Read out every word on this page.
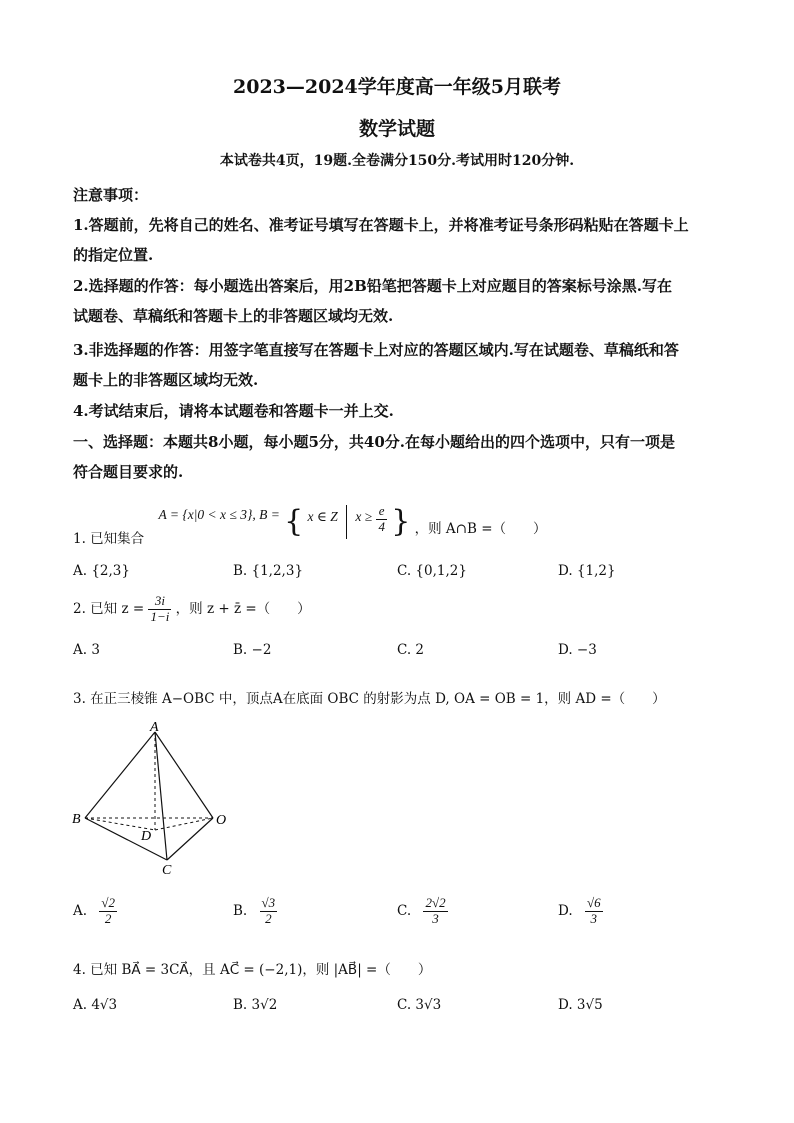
2023—2024学年度高一年级5月联考
数学试题
本试卷共4页，19题.全卷满分150分.考试用时120分钟.
注意事项：
1.答题前，先将自己的姓名、准考证号填写在答题卡上，并将准考证号条形码粘贴在答题卡上
的指定位置.
2.选择题的作答：每小题选出答案后，用2B铅笔把答题卡上对应题目的答案标号涂黑.写在
试题卷、草稿纸和答题卡上的非答题区域均无效.
3.非选择题的作答：用签字笔直接写在答题卡上对应的答题区域内.写在试题卷、草稿纸和答
题卡上的非答题区域均无效.
4.考试结束后，请将本试题卷和答题卡一并上交.
一、选择题：本题共8小题，每小题5分，共40分.在每小题给出的四个选项中，只有一项是
符合题目要求的.
1. 已知集合 A = {x|0 < x ≤ 3}, B = { x ∈ Z $x \ge \frac{e}{4}$ } ，则 A∩B =（　　）
A. {2,3}	B. {1,2,3}	C. {0,1,2}	D. {1,2}
2. 已知 $z = \frac{3i}{1-i}$ ，则 z + z̄ =（　　）
A. 3	B. −2	C. 2	D. −3
3. 在正三棱锥 A−OBC 中，顶点A在底面 OBC 的射影为点 D, OA = OB = 1，则 AD =（　　）
A
B	O
D
C
A. $\frac{√2}{2}$	B. $\frac{√3}{2}$	C. $\frac{2√2}{3}$	D. $\frac{√6}{3}$
4. 已知 BA⃗ = 3CA⃗，且 AC⃗ = (−2,1)，则 |AB⃗| =（　　）
A. 4√3	B. 3√2	C. 3√3	D. 3√5
